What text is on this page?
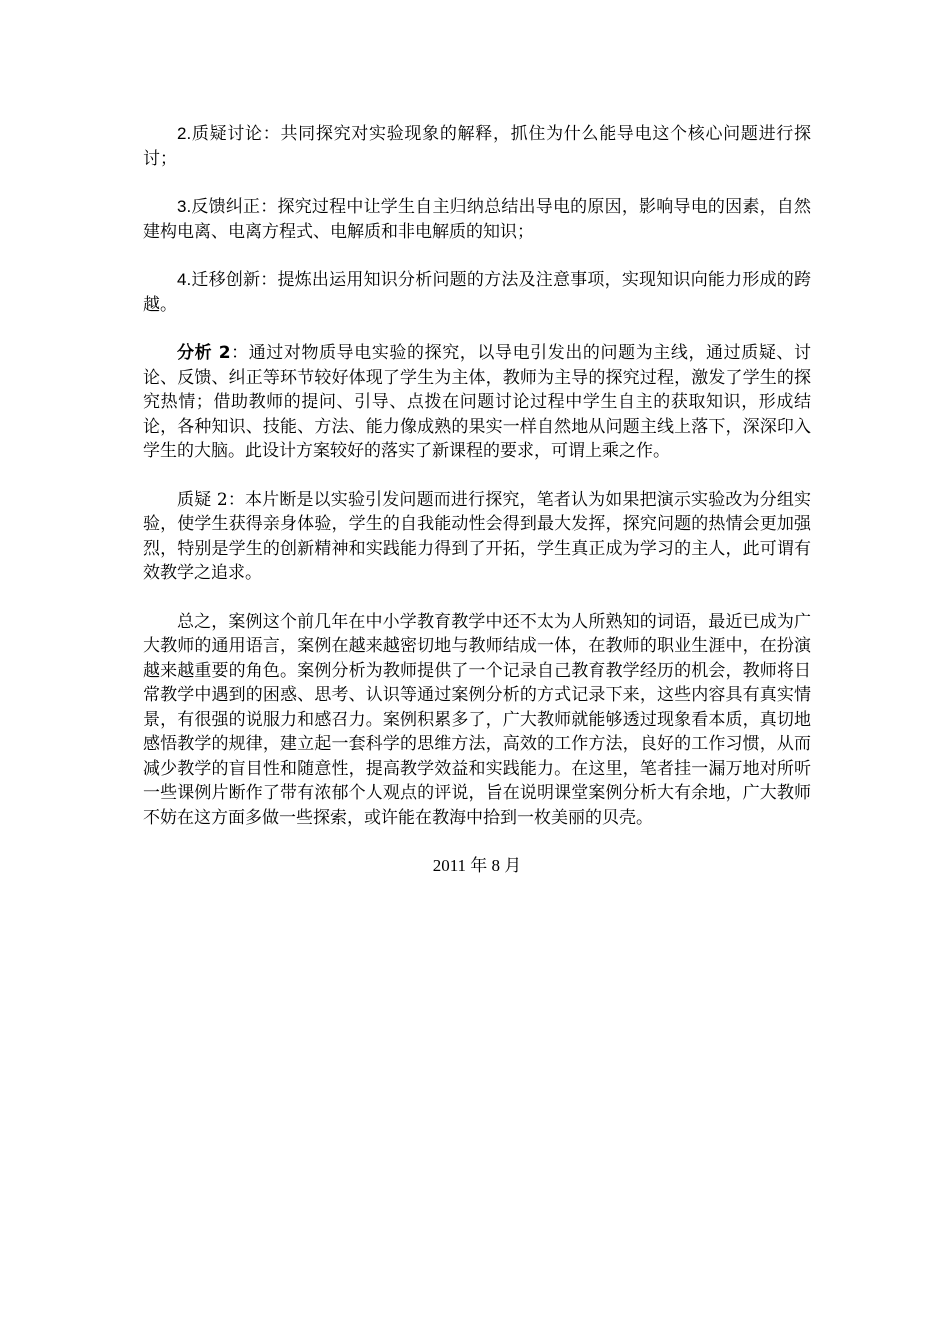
2.质疑讨论：共同探究对实验现象的解释，抓住为什么能导电这个核心问题进行探讨；

3.反馈纠正：探究过程中让学生自主归纳总结出导电的原因，影响导电的因素，自然建构电离、电离方程式、电解质和非电解质的知识；

4.迁移创新：提炼出运用知识分析问题的方法及注意事项，实现知识向能力形成的跨越。

分析 2：通过对物质导电实验的探究，以导电引发出的问题为主线，通过质疑、讨论、反馈、纠正等环节较好体现了学生为主体，教师为主导的探究过程，激发了学生的探究热情；借助教师的提问、引导、点拨在问题讨论过程中学生自主的获取知识，形成结论，各种知识、技能、方法、能力像成熟的果实一样自然地从问题主线上落下，深深印入学生的大脑。此设计方案较好的落实了新课程的要求，可谓上乘之作。

质疑 2：本片断是以实验引发问题而进行探究，笔者认为如果把演示实验改为分组实验，使学生获得亲身体验，学生的自我能动性会得到最大发挥，探究问题的热情会更加强烈，特别是学生的创新精神和实践能力得到了开拓，学生真正成为学习的主人，此可谓有效教学之追求。

总之，案例这个前几年在中小学教育教学中还不太为人所熟知的词语，最近已成为广大教师的通用语言，案例在越来越密切地与教师结成一体，在教师的职业生涯中，在扮演越来越重要的角色。案例分析为教师提供了一个记录自己教育教学经历的机会，教师将日常教学中遇到的困惑、思考、认识等通过案例分析的方式记录下来，这些内容具有真实情景，有很强的说服力和感召力。案例积累多了，广大教师就能够透过现象看本质，真切地感悟教学的规律，建立起一套科学的思维方法，高效的工作方法，良好的工作习惯，从而减少教学的盲目性和随意性，提高教学效益和实践能力。在这里，笔者挂一漏万地对所听一些课例片断作了带有浓郁个人观点的评说，旨在说明课堂案例分析大有余地，广大教师不妨在这方面多做一些探索，或许能在教海中拾到一枚美丽的贝壳。

2011 年 8 月
